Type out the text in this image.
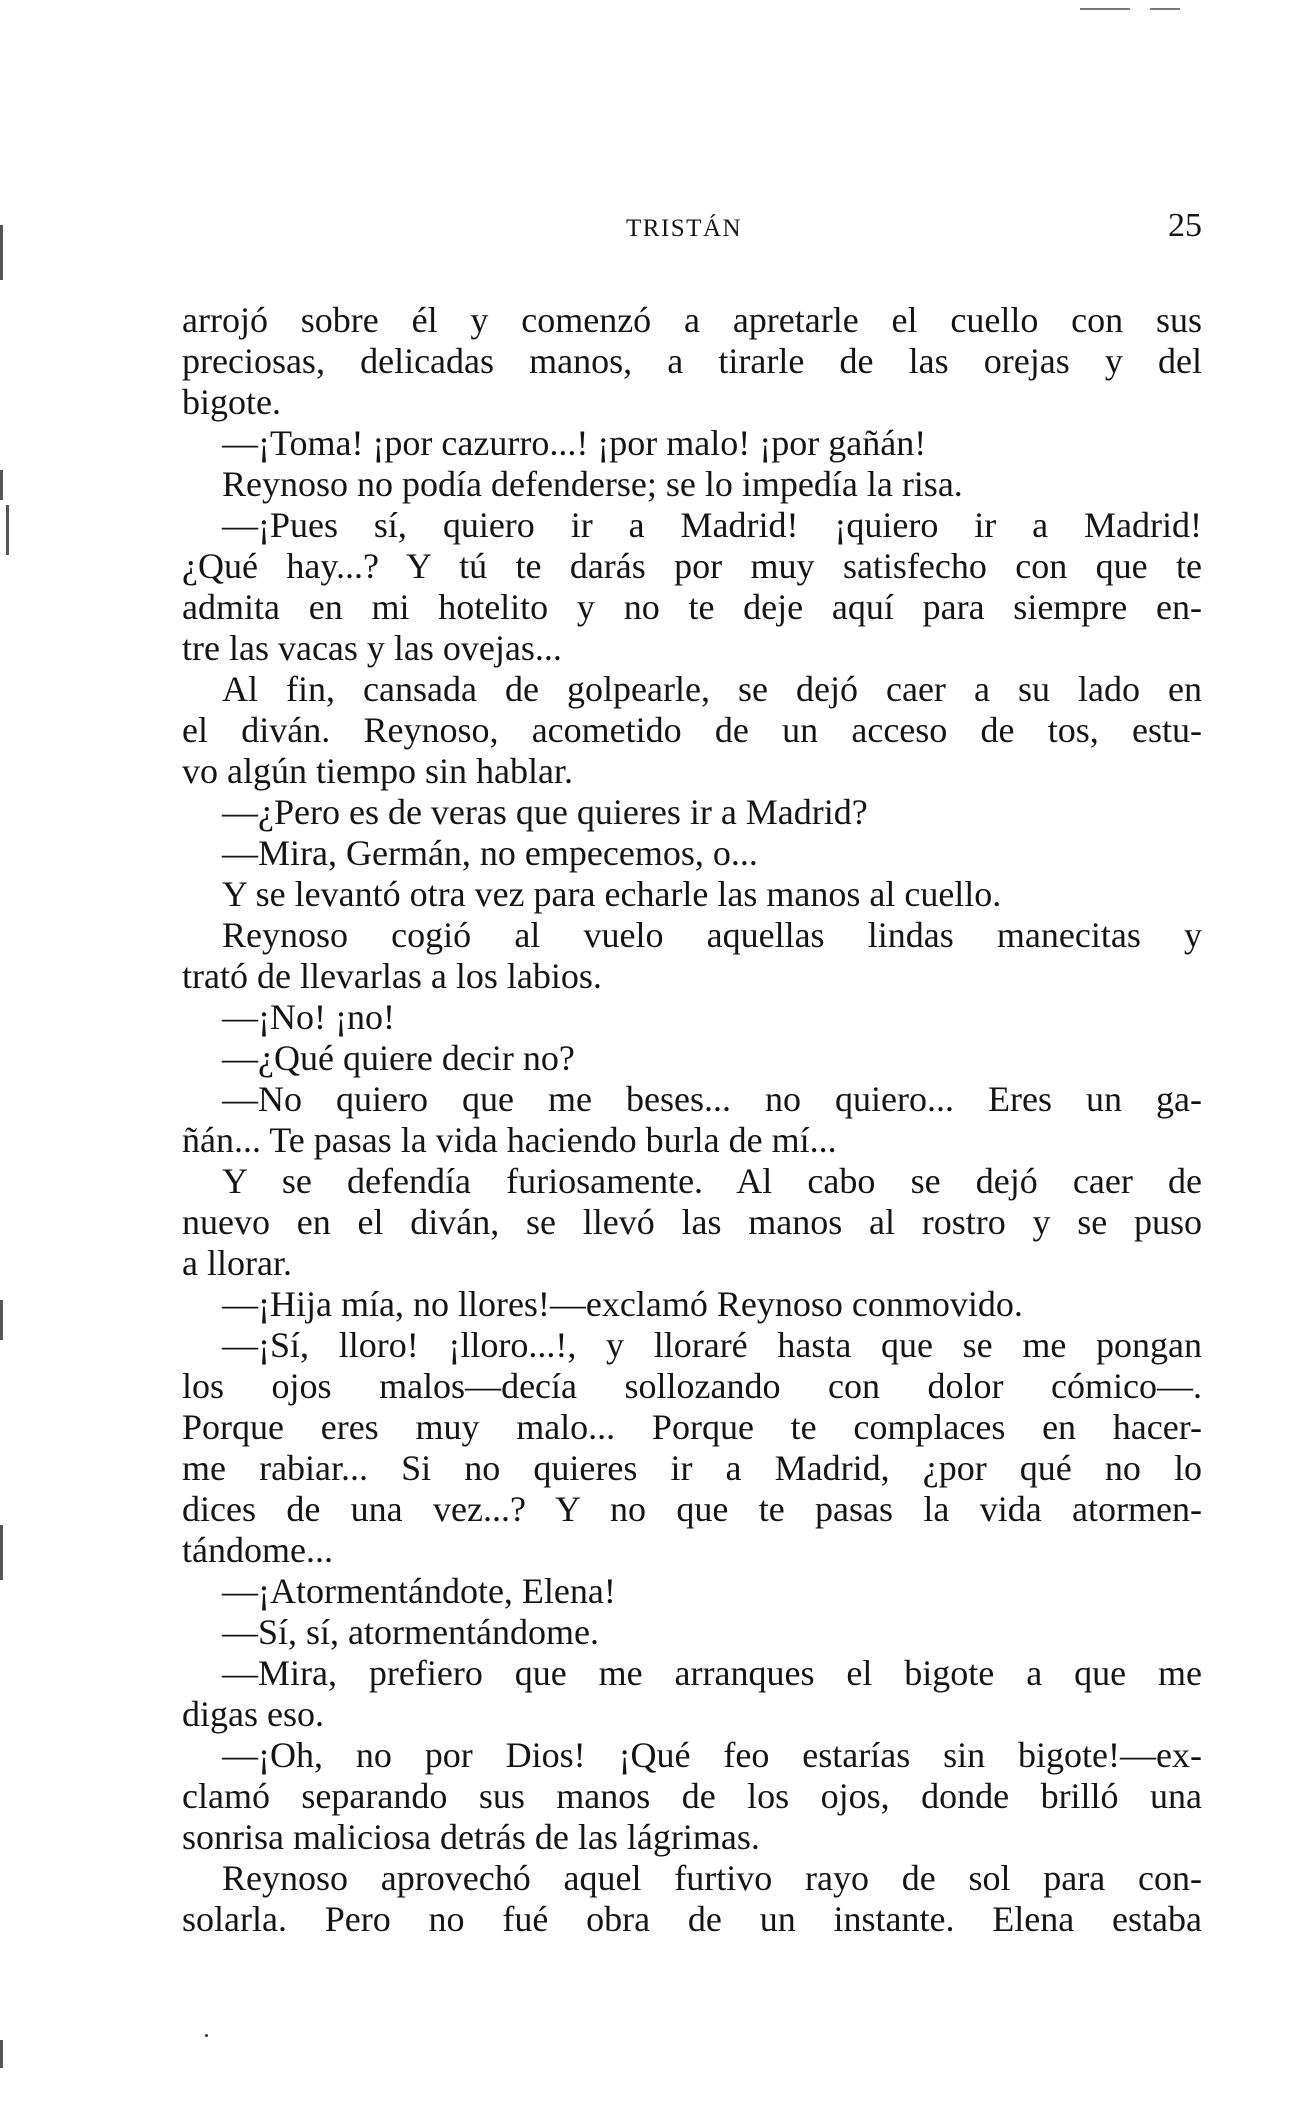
TRISTÁN	25
arrojó sobre él y comenzó a apretarle el cuello con sus
preciosas, delicadas manos, a tirarle de las orejas y del
bigote.
—¡Toma! ¡por cazurro...! ¡por malo! ¡por gañán!
Reynoso no podía defenderse; se lo impedía la risa.
—¡Pues sí, quiero ir a Madrid! ¡quiero ir a Madrid!
¿Qué hay...? Y tú te darás por muy satisfecho con que te
admita en mi hotelito y no te deje aquí para siempre en-
tre las vacas y las ovejas...
Al fin, cansada de golpearle, se dejó caer a su lado en
el diván. Reynoso, acometido de un acceso de tos, estu-
vo algún tiempo sin hablar.
—¿Pero es de veras que quieres ir a Madrid?
—Mira, Germán, no empecemos, o...
Y se levantó otra vez para echarle las manos al cuello.
Reynoso cogió al vuelo aquellas lindas manecitas y
trató de llevarlas a los labios.
—¡No! ¡no!
—¿Qué quiere decir no?
—No quiero que me beses... no quiero... Eres un ga-
ñán... Te pasas la vida haciendo burla de mí...
Y se defendía furiosamente. Al cabo se dejó caer de
nuevo en el diván, se llevó las manos al rostro y se puso
a llorar.
—¡Hija mía, no llores!—exclamó Reynoso conmovido.
—¡Sí, lloro! ¡lloro...!, y lloraré hasta que se me pongan
los ojos malos—decía sollozando con dolor cómico—.
Porque eres muy malo... Porque te complaces en hacer-
me rabiar... Si no quieres ir a Madrid, ¿por qué no lo
dices de una vez...? Y no que te pasas la vida atormen-
tándome...
—¡Atormentándote, Elena!
—Sí, sí, atormentándome.
—Mira, prefiero que me arranques el bigote a que me
digas eso.
—¡Oh, no por Dios! ¡Qué feo estarías sin bigote!—ex-
clamó separando sus manos de los ojos, donde brilló una
sonrisa maliciosa detrás de las lágrimas.
Reynoso aprovechó aquel furtivo rayo de sol para con-
solarla. Pero no fué obra de un instante. Elena estaba
